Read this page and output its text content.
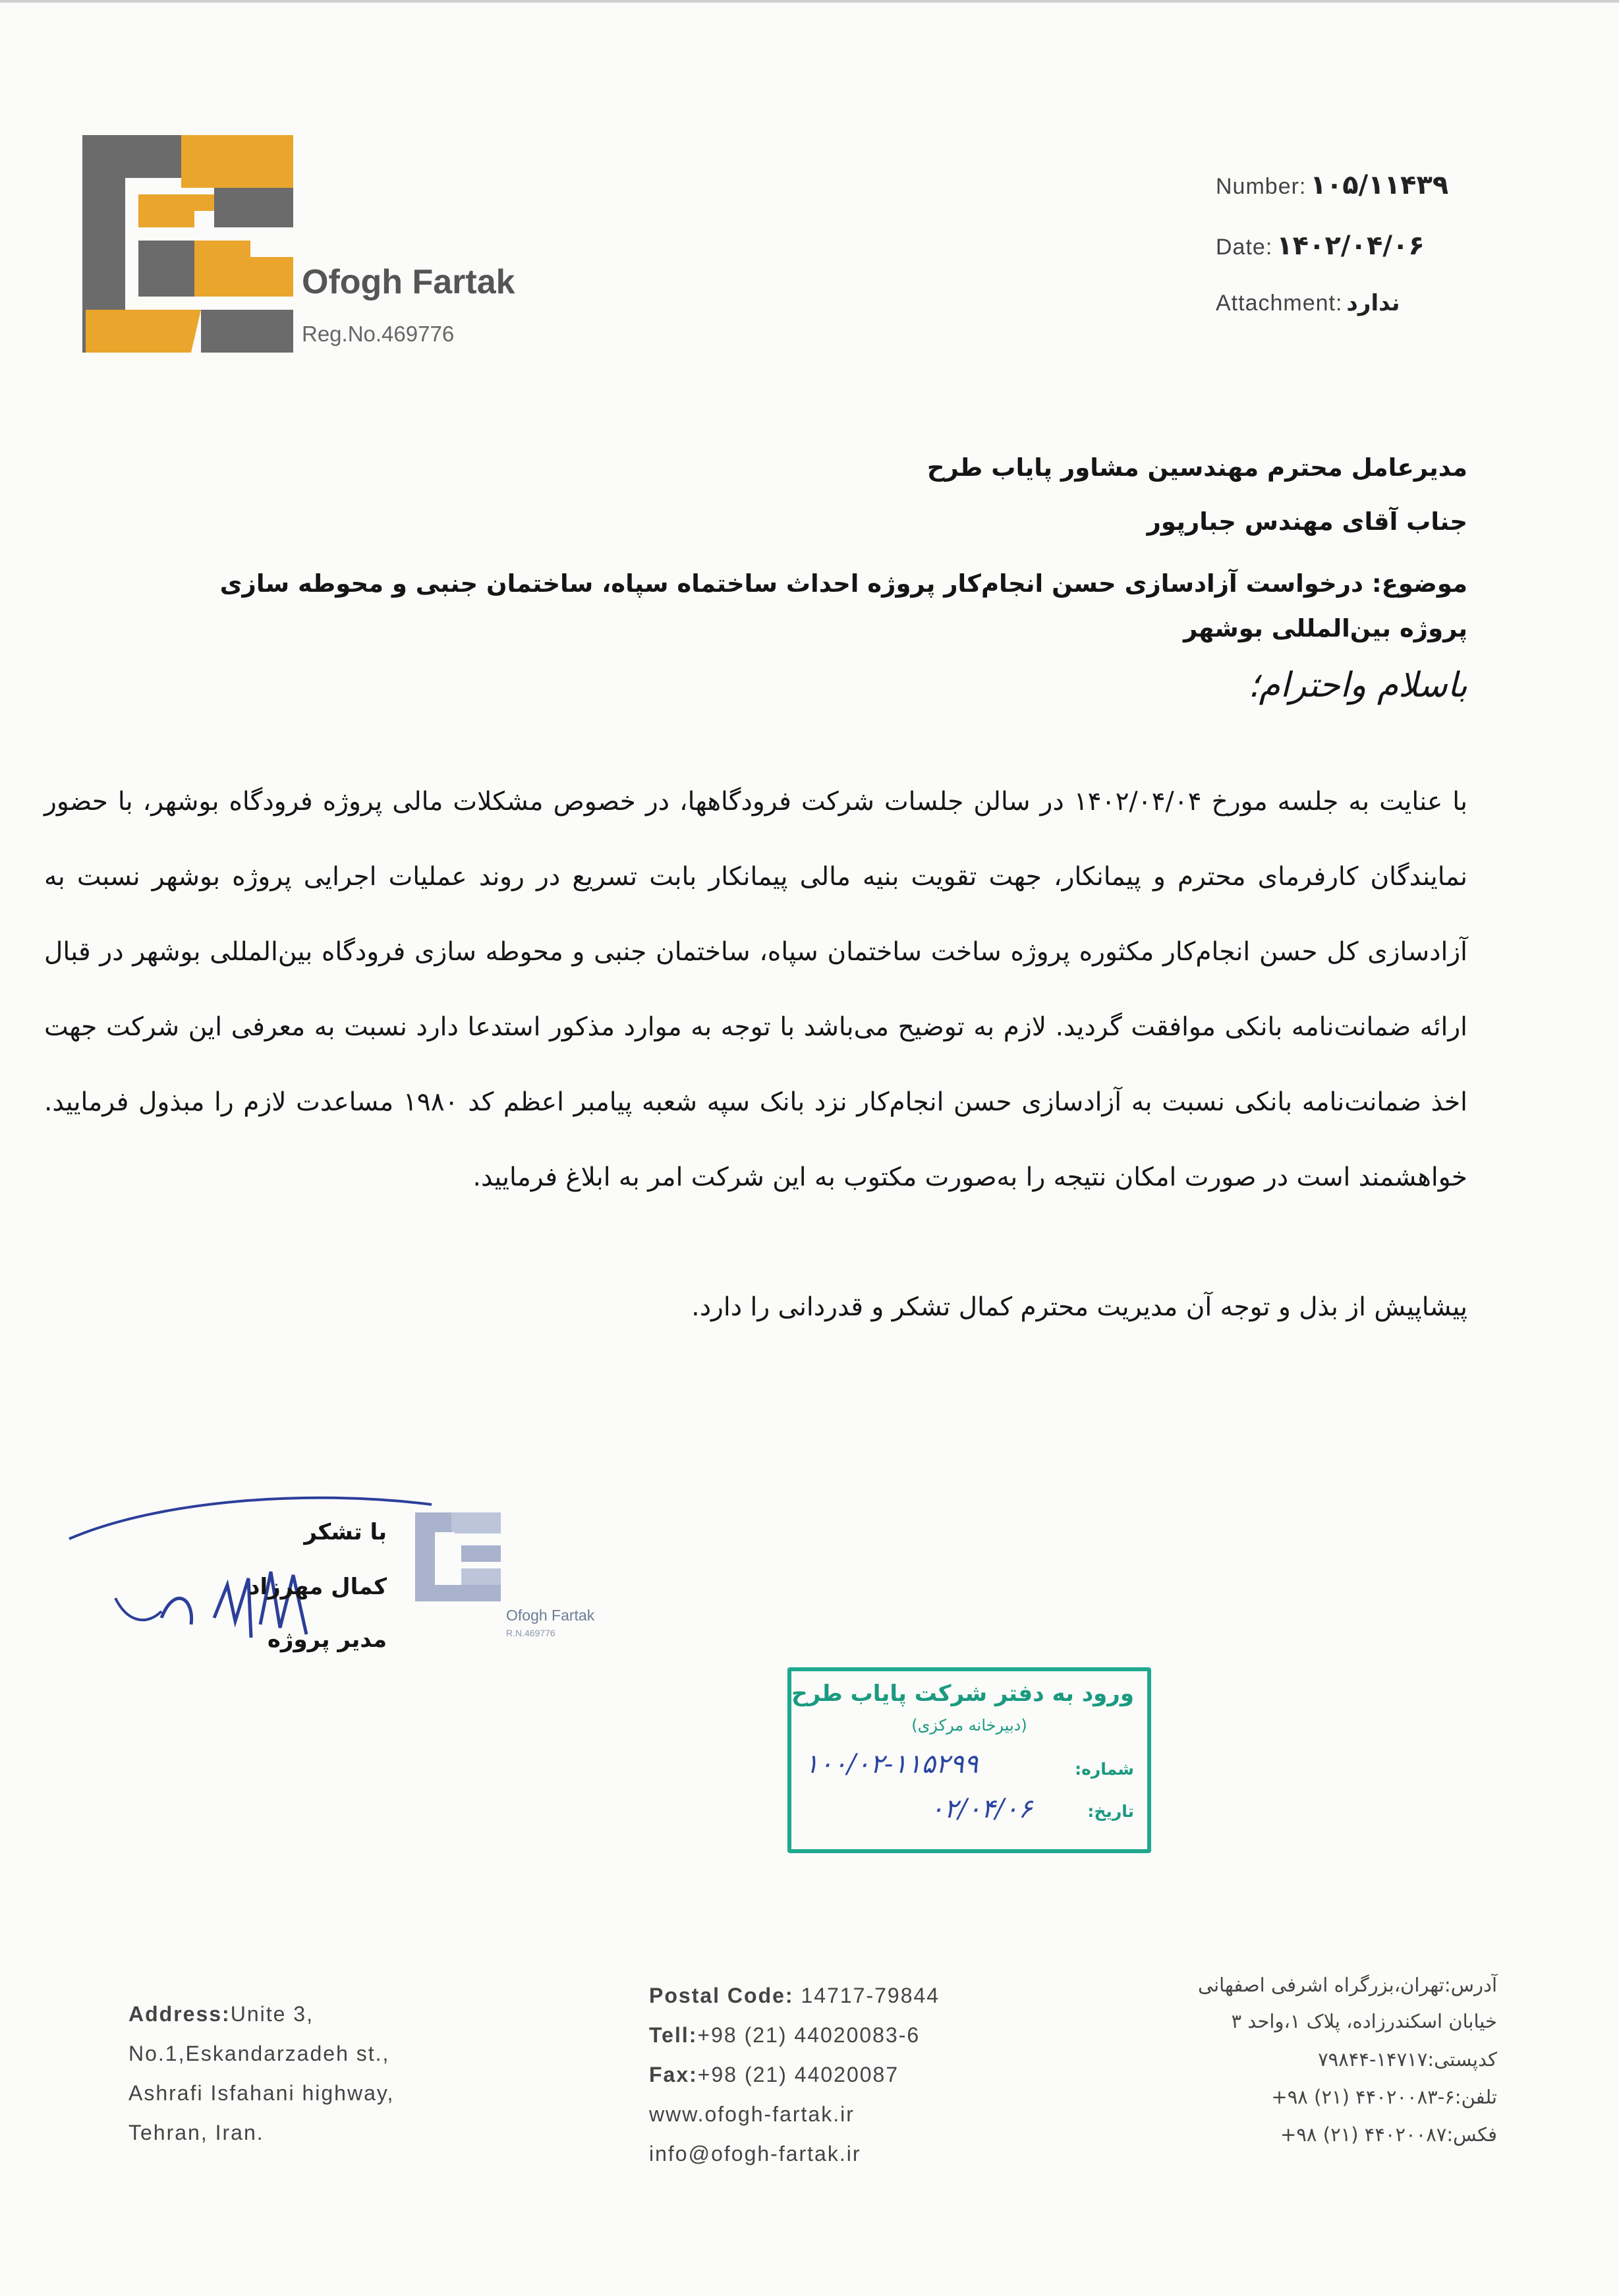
Ofogh Fartak
Reg.No.469776
Number: ۱۰۵/۱۱۴۳۹
Date: ۱۴۰۲/۰۴/۰۶
Attachment: ندارد
مدیرعامل محترم مهندسین مشاور پایاب طرح
جناب آقای مهندس جبارپور
موضوع: درخواست آزادسازی حسن انجام‌کار پروژه احداث ساختماه سپاه، ساختمان جنبی و محوطه سازی پروژه بین‌المللی بوشهر
باسلام واحترام؛
با عنایت به جلسه مورخ ۱۴۰۲/۰۴/۰۴ در سالن جلسات شرکت فرودگاهها، در خصوص مشکلات مالی پروژه فرودگاه بوشهر، با حضور نمایندگان کارفرمای محترم و پیمانکار، جهت تقویت بنیه مالی پیمانکار بابت تسریع در روند عملیات اجرایی پروژه بوشهر نسبت به آزادسازی کل حسن انجام‌کار مکثوره پروژه ساخت ساختمان سپاه، ساختمان جنبی و محوطه سازی فرودگاه بین‌المللی بوشهر در قبال ارائه ضمانت‌نامه بانکی موافقت گردید. لازم به توضیح می‌باشد با توجه به موارد مذکور استدعا دارد نسبت به معرفی این شرکت جهت اخذ ضمانت‌نامه بانکی نسبت به آزادسازی حسن انجام‌کار نزد بانک سپه شعبه پیامبر اعظم کد ۱۹۸۰ مساعدت لازم را مبذول فرمایید. خواهشمند است در صورت امکان نتیجه را به‌صورت مکتوب به این شرکت امر به ابلاغ فرمایید.

پیشاپیش از بذل و توجه آن مدیریت محترم کمال تشکر و قدردانی را دارد.

Ofogh Fartak
R.N.469776
با تشکر
کمال مهرزاد
مدیر پروژه
ورود به دفتر شرکت پایاب طرح
(دبیرخانه مرکزی)
شماره:
تاریخ:
۱۰۰/۰۲-۱۱۵۲۹۹
۰۲/۰۴/۰۶
Address:Unite 3,
No.1,Eskandarzadeh st.,
Ashrafi Isfahani highway,
Tehran, Iran.
Postal Code: 14717-79844
Tell:+98 (21) 44020083-6
Fax:+98 (21) 44020087
www.ofogh-fartak.ir
info@ofogh-fartak.ir
آدرس:تهران،بزرگراه اشرفی اصفهانی
خیابان اسکندرزاده، پلاک ۱،واحد ۳
کدپستی:۱۴۷۱۷-۷۹۸۴۴
تلفن:۶-۴۴۰۲۰۰۸۳ (۲۱) ۹۸+
فکس:۴۴۰۲۰۰۸۷ (۲۱) ۹۸+
